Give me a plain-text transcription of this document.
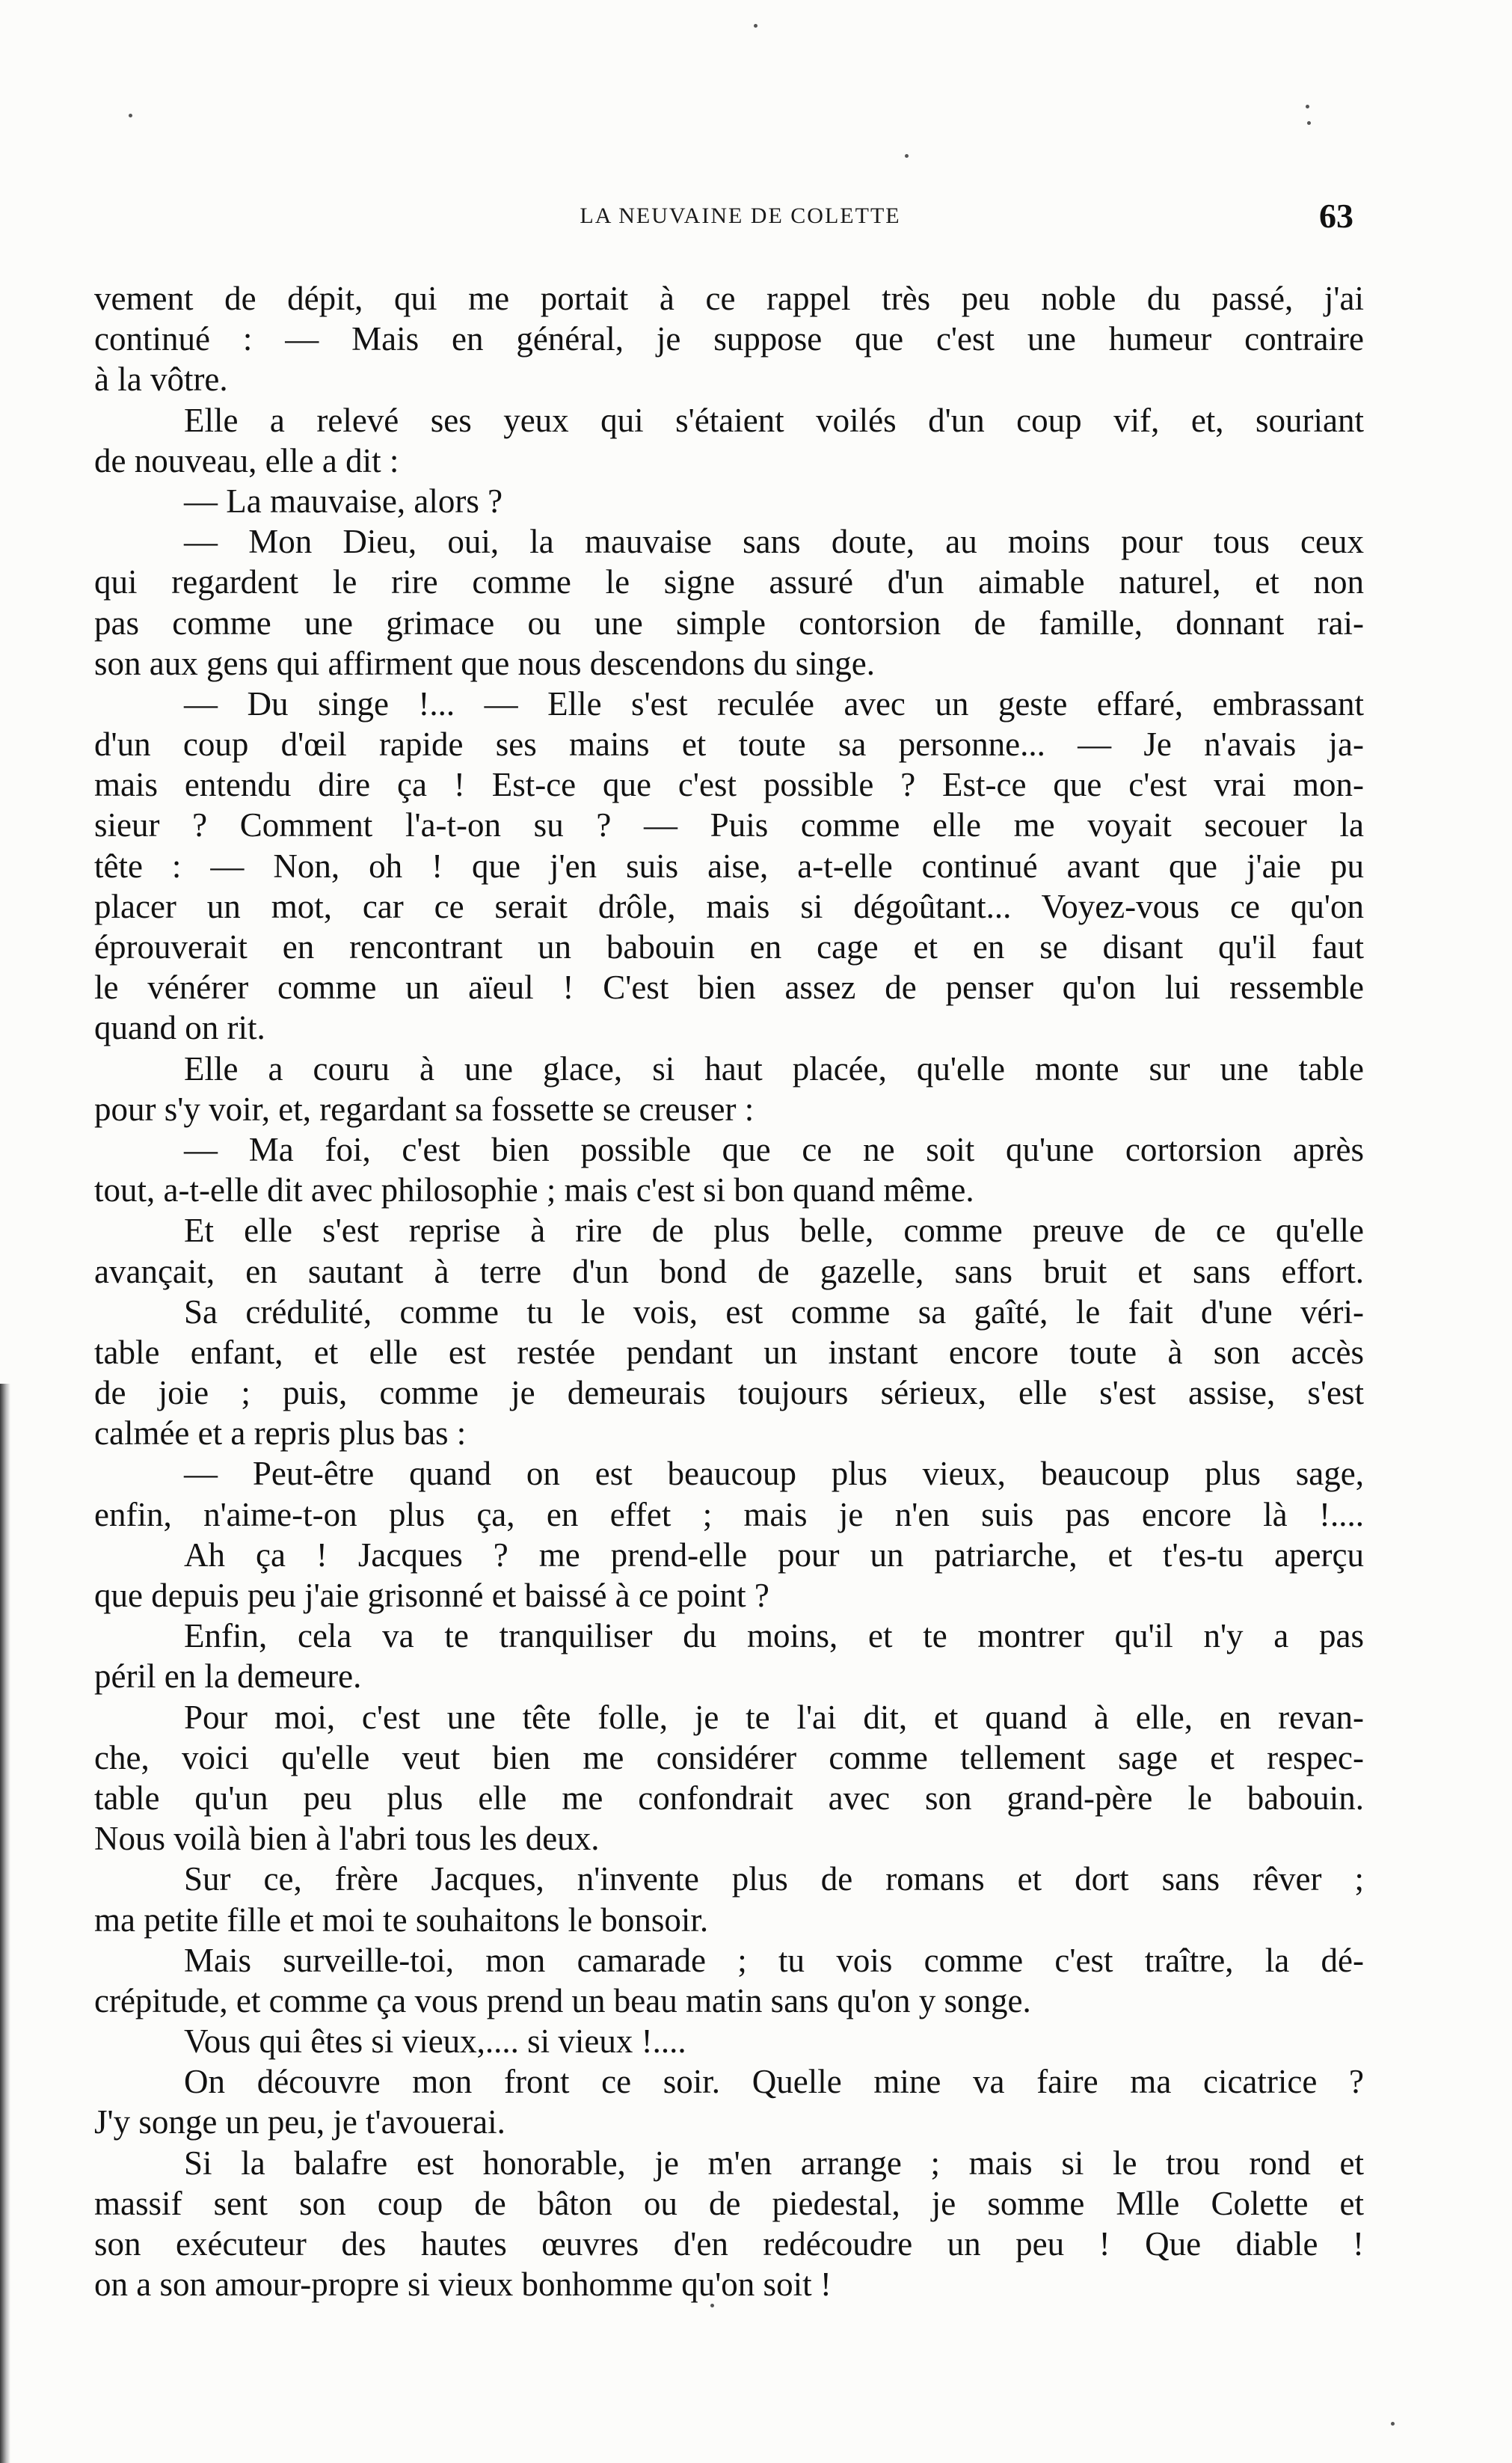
LA NEUVAINE DE COLETTE	63
vement de dépit, qui me portait à ce rappel très peu noble du passé, j'ai
continué : — Mais en général, je suppose que c'est une humeur contraire
à la vôtre.
Elle a relevé ses yeux qui s'étaient voilés d'un coup vif, et, souriant
de nouveau, elle a dit :
— La mauvaise, alors ?
— Mon Dieu, oui, la mauvaise sans doute, au moins pour tous ceux
qui regardent le rire comme le signe assuré d'un aimable naturel, et non
pas comme une grimace ou une simple contorsion de famille, donnant rai-
son aux gens qui affirment que nous descendons du singe.
— Du singe !... — Elle s'est reculée avec un geste effaré, embrassant
d'un coup d'œil rapide ses mains et toute sa personne... — Je n'avais ja-
mais entendu dire ça ! Est-ce que c'est possible ? Est-ce que c'est vrai mon-
sieur ? Comment l'a-t-on su ? — Puis comme elle me voyait secouer la
tête : — Non, oh ! que j'en suis aise, a-t-elle continué avant que j'aie pu
placer un mot, car ce serait drôle, mais si dégoûtant... Voyez-vous ce qu'on
éprouverait en rencontrant un babouin en cage et en se disant qu'il faut
le vénérer comme un aïeul ! C'est bien assez de penser qu'on lui ressemble
quand on rit.
Elle a couru à une glace, si haut placée, qu'elle monte sur une table
pour s'y voir, et, regardant sa fossette se creuser :
— Ma foi, c'est bien possible que ce ne soit qu'une cortorsion après
tout, a-t-elle dit avec philosophie ; mais c'est si bon quand même.
Et elle s'est reprise à rire de plus belle, comme preuve de ce qu'elle
avançait, en sautant à terre d'un bond de gazelle, sans bruit et sans effort.
Sa crédulité, comme tu le vois, est comme sa gaîté, le fait d'une véri-
table enfant, et elle est restée pendant un instant encore toute à son accès
de joie ; puis, comme je demeurais toujours sérieux, elle s'est assise, s'est
calmée et a repris plus bas :
— Peut-être quand on est beaucoup plus vieux, beaucoup plus sage,
enfin, n'aime-t-on plus ça, en effet ; mais je n'en suis pas encore là !....
Ah ça ! Jacques ? me prend-elle pour un patriarche, et t'es-tu aperçu
que depuis peu j'aie grisonné et baissé à ce point ?
Enfin, cela va te tranquiliser du moins, et te montrer qu'il n'y a pas
péril en la demeure.
Pour moi, c'est une tête folle, je te l'ai dit, et quand à elle, en revan-
che, voici qu'elle veut bien me considérer comme tellement sage et respec-
table qu'un peu plus elle me confondrait avec son grand-père le babouin.
Nous voilà bien à l'abri tous les deux.
Sur ce, frère Jacques, n'invente plus de romans et dort sans rêver ;
ma petite fille et moi te souhaitons le bonsoir.
Mais surveille-toi, mon camarade ; tu vois comme c'est traître, la dé-
crépitude, et comme ça vous prend un beau matin sans qu'on y songe.
Vous qui êtes si vieux,.... si vieux !....
On découvre mon front ce soir. Quelle mine va faire ma cicatrice ?
J'y songe un peu, je t'avouerai.
Si la balafre est honorable, je m'en arrange ; mais si le trou rond et
massif sent son coup de bâton ou de piedestal, je somme Mlle Colette et
son exécuteur des hautes œuvres d'en redécoudre un peu ! Que diable !
on a son amour-propre si vieux bonhomme qu'on soit !
